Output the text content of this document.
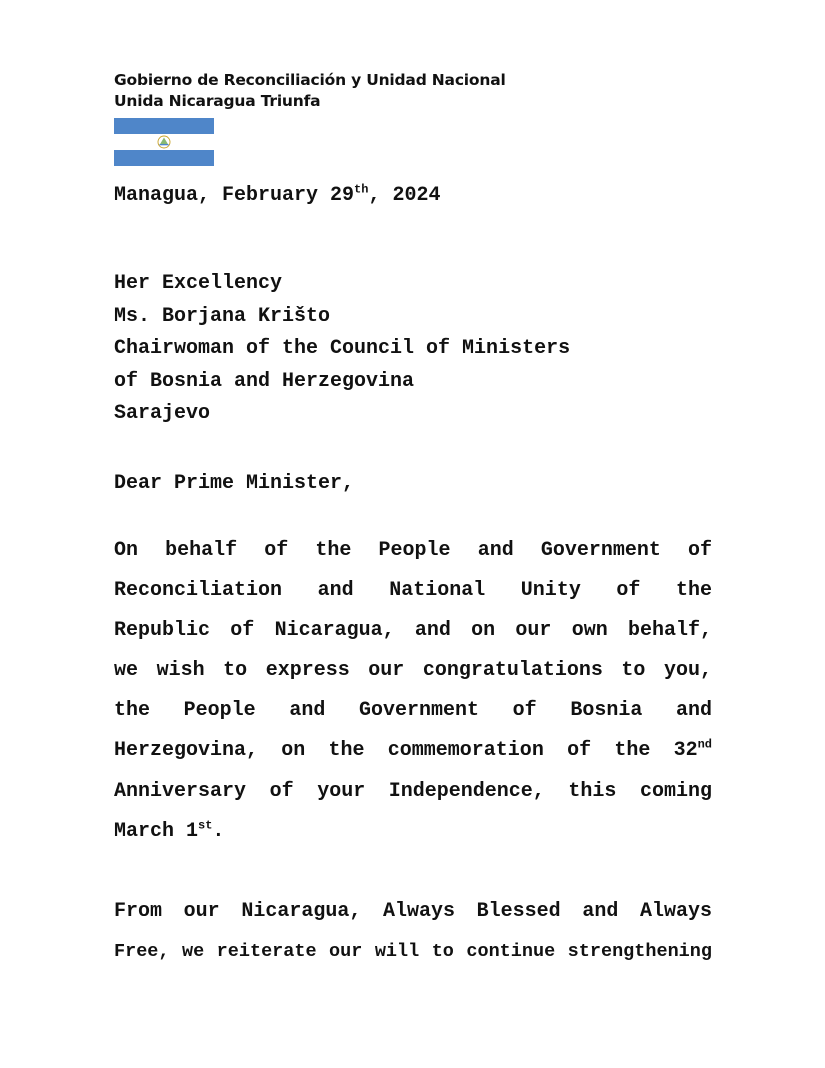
Gobierno de Reconciliación y Unidad Nacional
Unida Nicaragua Triunfa
Managua, February 29th, 2024
Her Excellency
Ms. Borjana Krišto
Chairwoman of the Council of Ministers
of Bosnia and Herzegovina
Sarajevo
Dear Prime Minister,
On behalf of the People and Government of
Reconciliation and National Unity of the
Republic of Nicaragua, and on our own behalf,
we wish to express our congratulations to you,
the People and Government of Bosnia and
Herzegovina, on the commemoration of the 32nd
Anniversary of your Independence, this coming
March 1st.
From our Nicaragua, Always Blessed and Always
Free, we reiterate our will to continue strengthening
